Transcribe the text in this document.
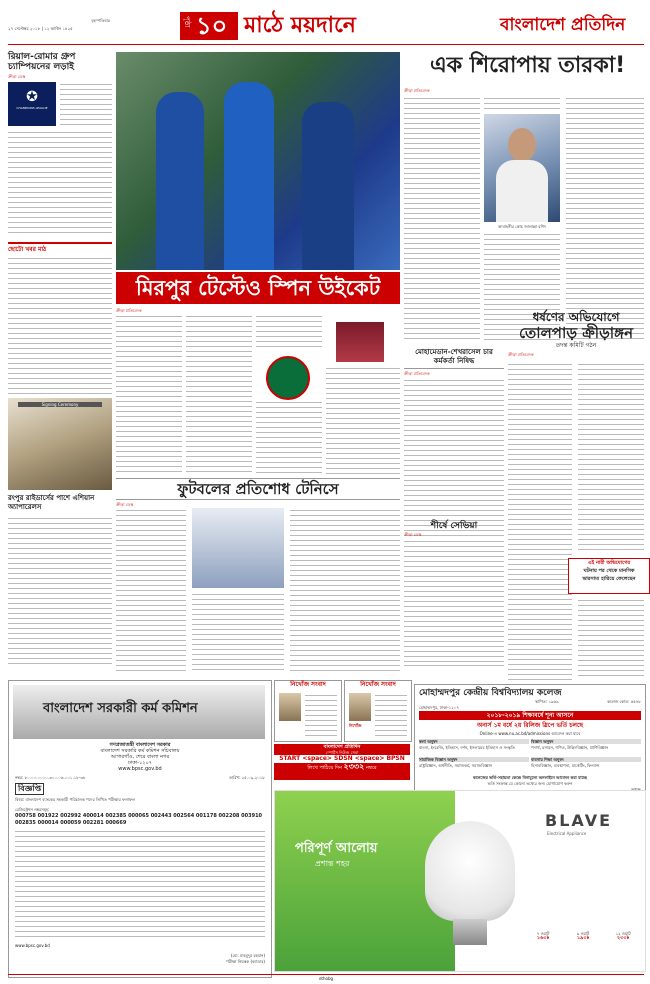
বৃহস্পতিবার
২৭ সেপ্টেম্বর ২০১৮ | ১২ আশ্বিন ১৪২৫
পৃষ্ঠা ১০ মাঠে ময়দানে	বাংলাদেশ প্রতিদিন
রিয়াল-রোমার গ্রুপ চ্যাম্পিয়নের লড়াই
ক্রীড়া ডেস্ক
✪
CHAMPIONS LEAGUE
ছোটো খবর মাঠ
Signing Ceremony
এক শিরোপায় তারকা!
ক্রীড়া প্রতিবেদক
আবাহনীর কোচ জালাল্লা রশিদ
মিরপুর টেস্টেও স্পিন উইকেট
ক্রীড়া প্রতিবেদক
মোহামেডান-শেখরাসেল চার কর্মকর্তা নিষিদ্ধ
ক্রীড়া প্রতিবেদক
ধর্ষণের অভিযোগে
তোলপাড় ক্রীড়াঙ্গন
তদন্ত কমিটি গঠন
ক্রীড়া প্রতিবেদক
এই নারী অভিযোগের
ঘটনায় পর থেকে মানসিক
ভারসাম্য হারিয়ে ফেলেছেন
ফুটবলের প্রতিশোধ টেনিসে
ক্রীড়া ডেস্ক
শীর্ষে সেভিয়া
ক্রীড়া ডেস্ক
রংপুর রাইডার্সের পাশে এশিয়ান অ্যাপারেলস
বাংলাদেশ সরকারী কর্ম কমিশন
গণপ্রজাতন্ত্রী বাংলাদেশ সরকার
বাংলাদেশ সরকারি কর্ম কমিশন সচিবালয়
আগারগাঁও, শেরে বাংলা নগর
ঢাকা-১২০৭
www.bpsc.gov.bd
নম্বর: ৮০.০০.০০০০.৩০০.০৬.০০১.১৮-৩৮	তারিখ: ২৫.০৯.২০১৮
বিজ্ঞপ্তি
বিষয়: বাংলাদেশ ব্যাংকের সহকারী পরিচালক পদের লিখিত পরীক্ষার ফলাফল
রেজিস্ট্রেশন নম্বরসমূহ:
000758 001922 002992 400014 002385 000065 002443 002564 001178 002208 003910 002835 000014 000059 002281 000669
www.bpsc.gov.bd
(মো. মাহমুদুর রহমান)
পরীক্ষা নিয়ন্ত্রক (ক্যাডার)
নিখোঁজ সংবাদ	নিখোঁজ সংবাদ
নিখোঁজ
বাংলাদেশ প্রতিদিন
স্পোর্টস নিউজ সেবা
START <space> SDSN <space> BPSN
লিখে পাঠিয়ে দিন ২৩৩২ নম্বরে
মোহাম্মদপুর কেন্দ্রীয় বিশ্ববিদ্যালয় কলেজ
স্থাপিত: ১৯৬৯	কলেজ কোড: ৫৫৪৮
মোহাম্মদপুর, ঢাকা-১২০৭
২০১৮-২০১৯ শিক্ষাবর্ষে শূন্য আসনে
অনার্স ১ম বর্ষে ২য় রিলিজ স্লিপে ভর্তি চলছে
Online-এ www.nu.ac.bd/admissions আবেদন করা যাবে
কলা অনুষদ	বিজ্ঞান অনুষদ
বাংলা, ইংরেজি, ইতিহাস, দর্শন, ইসলামের ইতিহাস ও সংস্কৃতি	পদার্থ, রসায়ন, গণিত, উদ্ভিদবিজ্ঞান, প্রাণিবিজ্ঞান
সামাজিক বিজ্ঞান অনুষদ	ব্যবসায় শিক্ষা অনুষদ
রাষ্ট্রবিজ্ঞান, অর্থনীতি, সমাজকর্ম, সমাজবিজ্ঞান	হিসাববিজ্ঞান, ব্যবস্থাপনা, মার্কেটিং, ফিন্যান্স
কলেজের ভর্তি-সহায়তা কেন্দ্রে বিনামূল্যে অনলাইনে আবেদন করা যাচ্ছে
ভর্তি সংক্রান্ত যে কোনো তথ্যের জন্য যোগাযোগ করুন
পরিপূর্ণ আলোয়
প্রশান্ত শহর
BLAVE
Electrical Appliance
৭ ওয়াট
১৬০৳
৯ ওয়াট
১৯০৳
১২ ওয়াট
২৩০৳
ethobg
